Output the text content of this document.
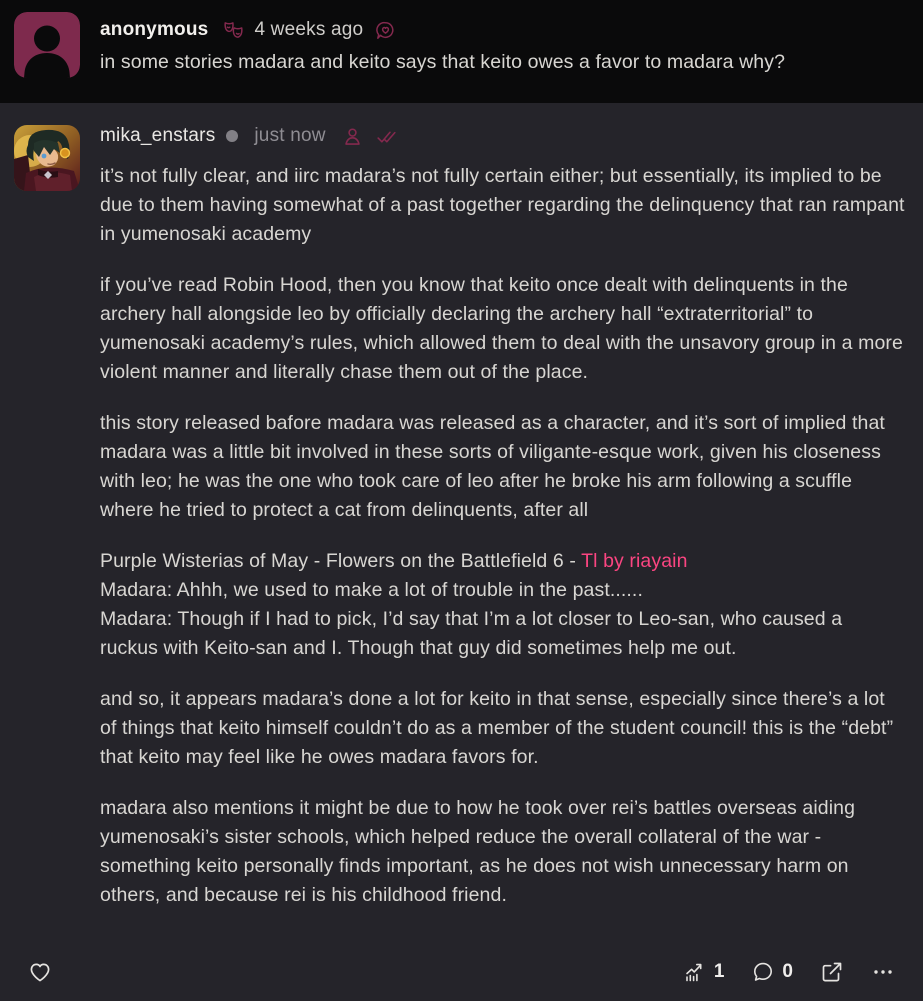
anonymous 4 weeks ago
in some stories madara and keito says that keito owes a favor to madara why?
mika_enstars just now

it’s not fully clear, and iirc madara’s not fully certain either; but essentially, its implied to be due to them having somewhat of a past together regarding the delinquency that ran rampant in yumenosaki academy

if you’ve read Robin Hood, then you know that keito once dealt with delinquents in the archery hall alongside leo by officially declaring the archery hall “extraterritorial” to yumenosaki academy’s rules, which allowed them to deal with the unsavory group in a more violent manner and literally chase them out of the place.

this story released bafore madara was released as a character, and it’s sort of implied that madara was a little bit involved in these sorts of viligante-esque work, given his closeness with leo; he was the one who took care of leo after he broke his arm following a scuffle where he tried to protect a cat from delinquents, after all

Purple Wisterias of May - Flowers on the Battlefield 6 - Tl by riayain
Madara: Ahhh, we used to make a lot of trouble in the past......
Madara: Though if I had to pick, I’d say that I’m a lot closer to Leo-san, who caused a ruckus with Keito-san and I. Though that guy did sometimes help me out.

and so, it appears madara’s done a lot for keito in that sense, especially since there’s a lot of things that keito himself couldn’t do as a member of the student council! this is the “debt” that keito may feel like he owes madara favors for.

madara also mentions it might be due to how he took over rei’s battles overseas aiding yumenosaki’s sister schools, which helped reduce the overall collateral of the war - something keito personally finds important, as he does not wish unnecessary harm on others, and because rei is his childhood friend.

1	0
